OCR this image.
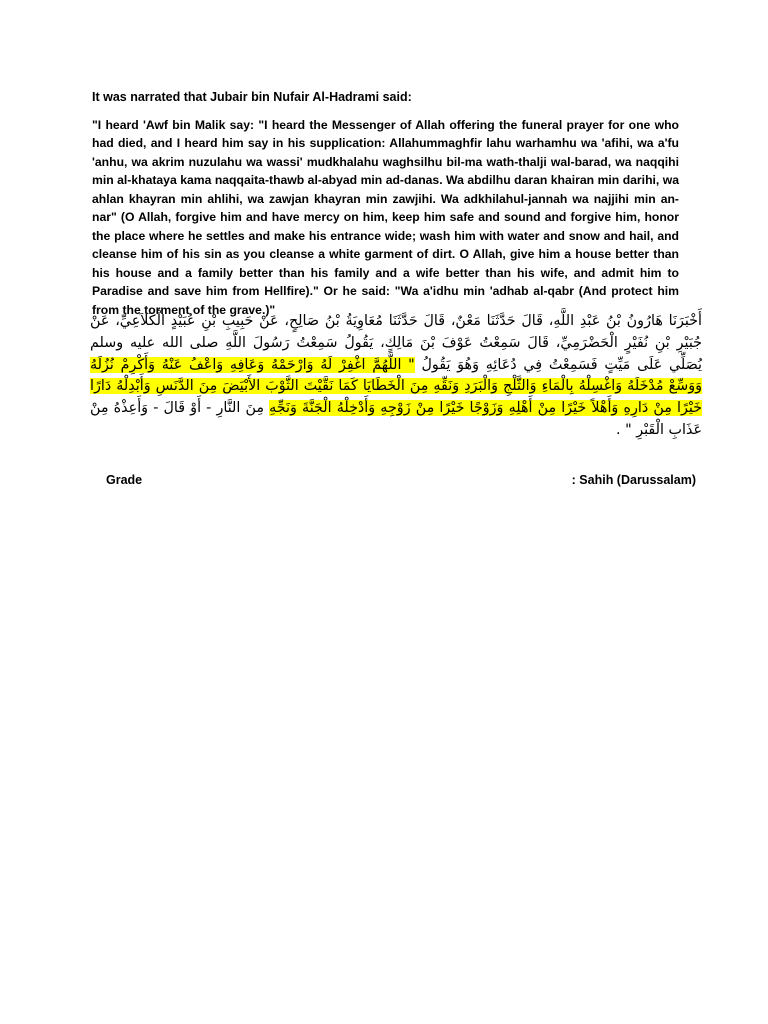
It was narrated that Jubair bin Nufair Al-Hadrami said:
"I heard 'Awf bin Malik say: "I heard the Messenger of Allah offering the funeral prayer for one who had died, and I heard him say in his supplication: Allahummaghfir lahu warhamhu wa 'afihi, wa a'fu 'anhu, wa akrim nuzulahu wa wassi' mudkhalahu waghsilhu bil-ma wath-thalji wal-barad, wa naqqihi min al-khataya kama naqqaita-thawb al-abyad min ad-danas. Wa abdilhu daran khairan min darihi, wa ahlan khayran min ahlihi, wa zawjan khayran min zawjihi. Wa adkhilahul-jannah wa najjihi min an-nar" (O Allah, forgive him and have mercy on him, keep him safe and sound and forgive him, honor the place where he settles and make his entrance wide; wash him with water and snow and hail, and cleanse him of his sin as you cleanse a white garment of dirt. O Allah, give him a house better than his house and a family better than his family and a wife better than his wife, and admit him to Paradise and save him from Hellfire)." Or he said: "Wa a'idhu min 'adhab al-qabr (And protect him from the torment of the grave.)"
أَخْبَرَنَا هَارُونُ بْنُ عَبْدِ اللَّهِ، قَالَ حَدَّثَنَا مَعْنٌ، قَالَ حَدَّثَنَا مُعَاوِيَةُ بْنُ صَالِحٍ، عَنْ حَبِيبِ بْنِ عُبَيْدٍ الْكَلاَعِيِّ، عَنْ جُبَيْرِ بْنِ نُفَيْرٍ الْحَضْرَمِيِّ، قَالَ سَمِعْتُ عَوْفَ بْنَ مَالِكٍ، يَقُولُ سَمِعْتُ رَسُولَ اللَّهِ صلى الله عليه وسلم يُصَلِّي عَلَى مَيِّتٍ فَسَمِعْتُ فِي دُعَائِهِ وَهُوَ يَقُولُ " اللَّهُمَّ اغْفِرْ لَهُ وَارْحَمْهُ وَعَافِهِ وَاعْفُ عَنْهُ وَأَكْرِمْ نُزُلَهُ وَوَسِّعْ مُدْخَلَهُ وَاغْسِلْهُ بِالْمَاءِ وَالثَّلْجِ وَالْبَرَدِ وَنَقِّهِ مِنَ الْخَطَايَا كَمَا نَقَّيْتَ الثَّوْبَ الأَبْيَضَ مِنَ الدَّنَسِ وَأَبْدِلْهُ دَارًا خَيْرًا مِنْ دَارِهِ وَأَهْلاً خَيْرًا مِنْ أَهْلِهِ وَزَوْجًا خَيْرًا مِنْ زَوْجِهِ وَأَدْخِلْهُ الْجَنَّةَ وَنَجِّهِ مِنَ النَّارِ - أَوْ قَالَ - وَأَعِذْهُ مِنْ عَذَابِ الْقَبْرِ " .
Grade	: Sahih (Darussalam)
